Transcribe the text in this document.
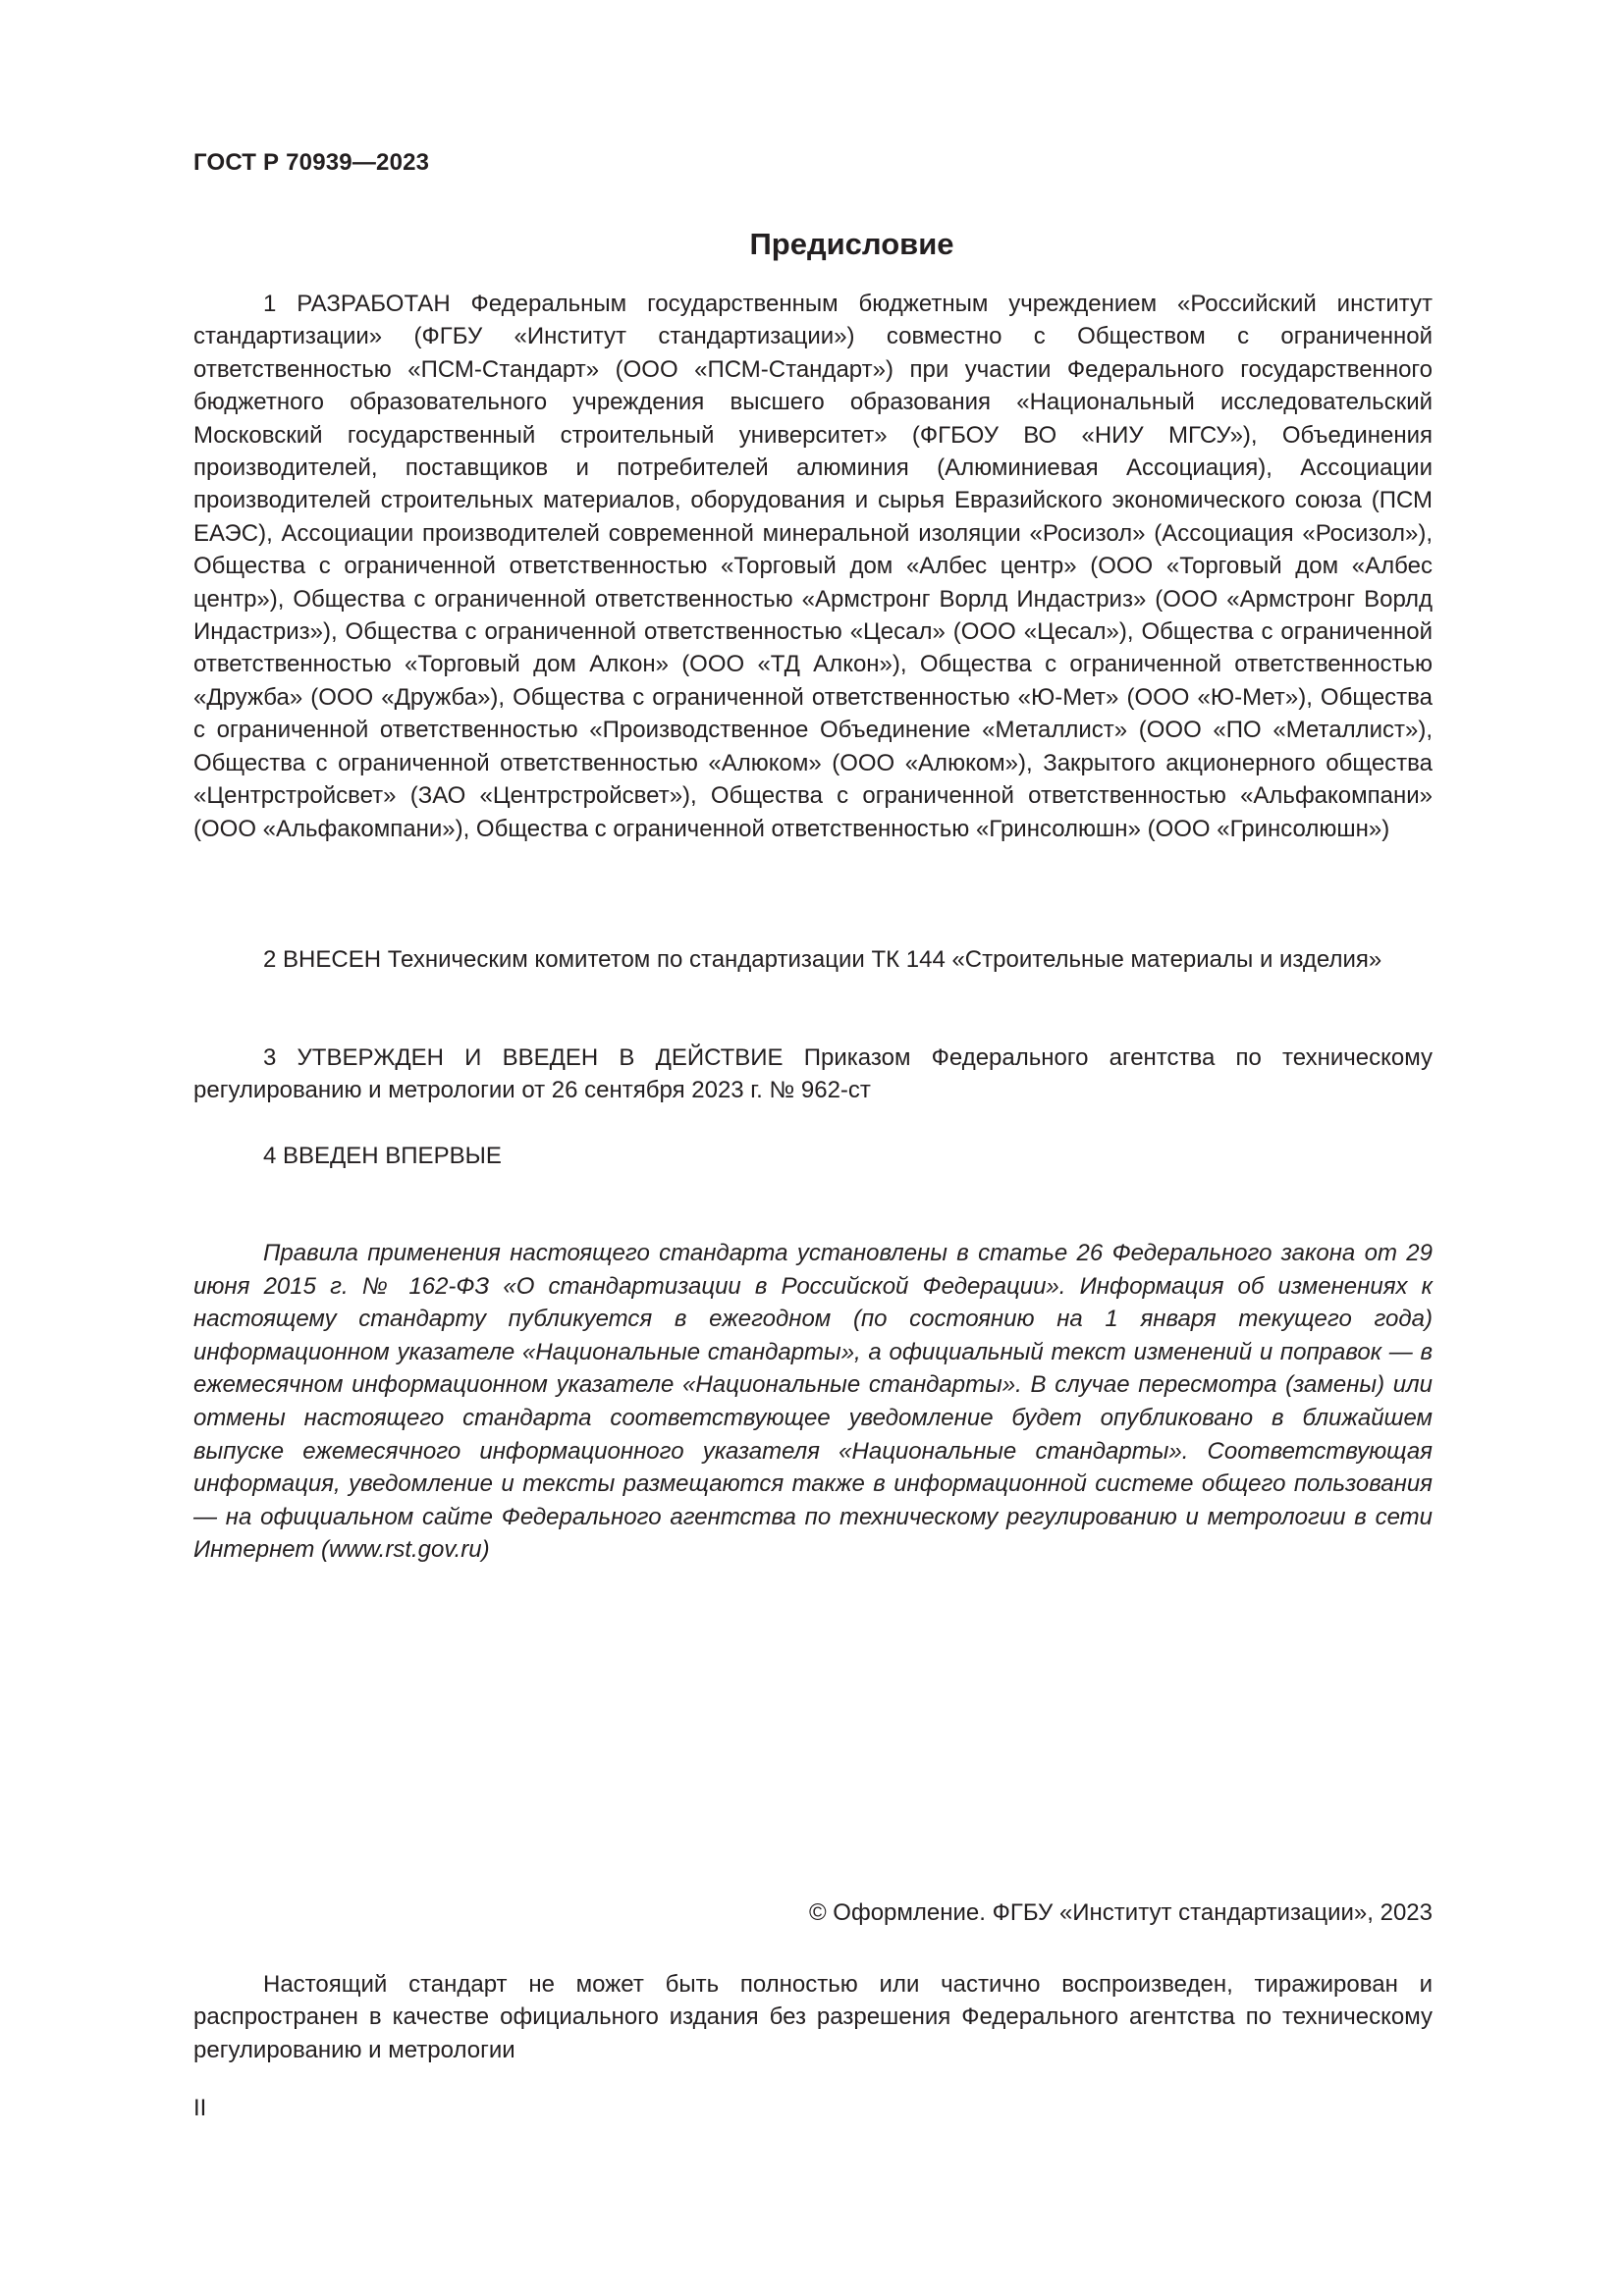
ГОСТ Р 70939—2023
Предисловие

1 РАЗРАБОТАН Федеральным государственным бюджетным учреждением «Российский институт стандартизации» (ФГБУ «Институт стандартизации») совместно с Обществом с ограниченной ответственностью «ПСМ-Стандарт» (ООО «ПСМ-Стандарт») при участии Федерального государственного бюджетного образовательного учреждения высшего образования «Национальный исследовательский Московский государственный строительный университет» (ФГБОУ ВО «НИУ МГСУ»), Объединения производителей, поставщиков и потребителей алюминия (Алюминиевая Ассоциация), Ассоциации производителей строительных материалов, оборудования и сырья Евразийского экономического союза (ПСМ ЕАЭС), Ассоциации производителей современной минеральной изоляции «Росизол» (Ассоциация «Росизол»), Общества с ограниченной ответственностью «Торговый дом «Албес центр» (ООО «Торговый дом «Албес центр»), Общества с ограниченной ответственностью «Армстронг Ворлд Индастриз» (ООО «Армстронг Ворлд Индастриз»), Общества с ограниченной ответственностью «Цесал» (ООО «Цесал»), Общества с ограниченной ответственностью «Торговый дом Алкон» (ООО «ТД Алкон»), Общества с ограниченной ответственностью «Дружба» (ООО «Дружба»), Общества с ограниченной ответственностью «Ю-Мет» (ООО «Ю-Мет»), Общества с ограниченной ответственностью «Производственное Объединение «Металлист» (ООО «ПО «Металлист»), Общества с ограниченной ответственностью «Алюком» (ООО «Алюком»), Закрытого акционерного общества «Центрстройсвет» (ЗАО «Центрстройсвет»), Общества с ограниченной ответственностью «Альфакомпани» (ООО «Альфакомпани»), Общества с ограниченной ответственностью «Гринсолюшн» (ООО «Гринсолюшн»)

2 ВНЕСЕН Техническим комитетом по стандартизации ТК 144 «Строительные материалы и изделия»

3 УТВЕРЖДЕН И ВВЕДЕН В ДЕЙСТВИЕ Приказом Федерального агентства по техническому регулированию и метрологии от 26 сентября 2023 г. № 962-ст

4 ВВЕДЕН ВПЕРВЫЕ

Правила применения настоящего стандарта установлены в статье 26 Федерального закона от 29 июня 2015 г. № 162-ФЗ «О стандартизации в Российской Федерации». Информация об изменениях к настоящему стандарту публикуется в ежегодном (по состоянию на 1 января текущего года) информационном указателе «Национальные стандарты», а официальный текст изменений и поправок — в ежемесячном информационном указателе «Национальные стандарты». В случае пересмотра (замены) или отмены настоящего стандарта соответствующее уведомление будет опубликовано в ближайшем выпуске ежемесячного информационного указателя «Национальные стандарты». Соответствующая информация, уведомление и тексты размещаются также в информационной системе общего пользования — на официальном сайте Федерального агентства по техническому регулированию и метрологии в сети Интернет (www.rst.gov.ru)

© Оформление. ФГБУ «Институт стандартизации», 2023

Настоящий стандарт не может быть полностью или частично воспроизведен, тиражирован и распространен в качестве официального издания без разрешения Федерального агентства по техническому регулированию и метрологии

II
